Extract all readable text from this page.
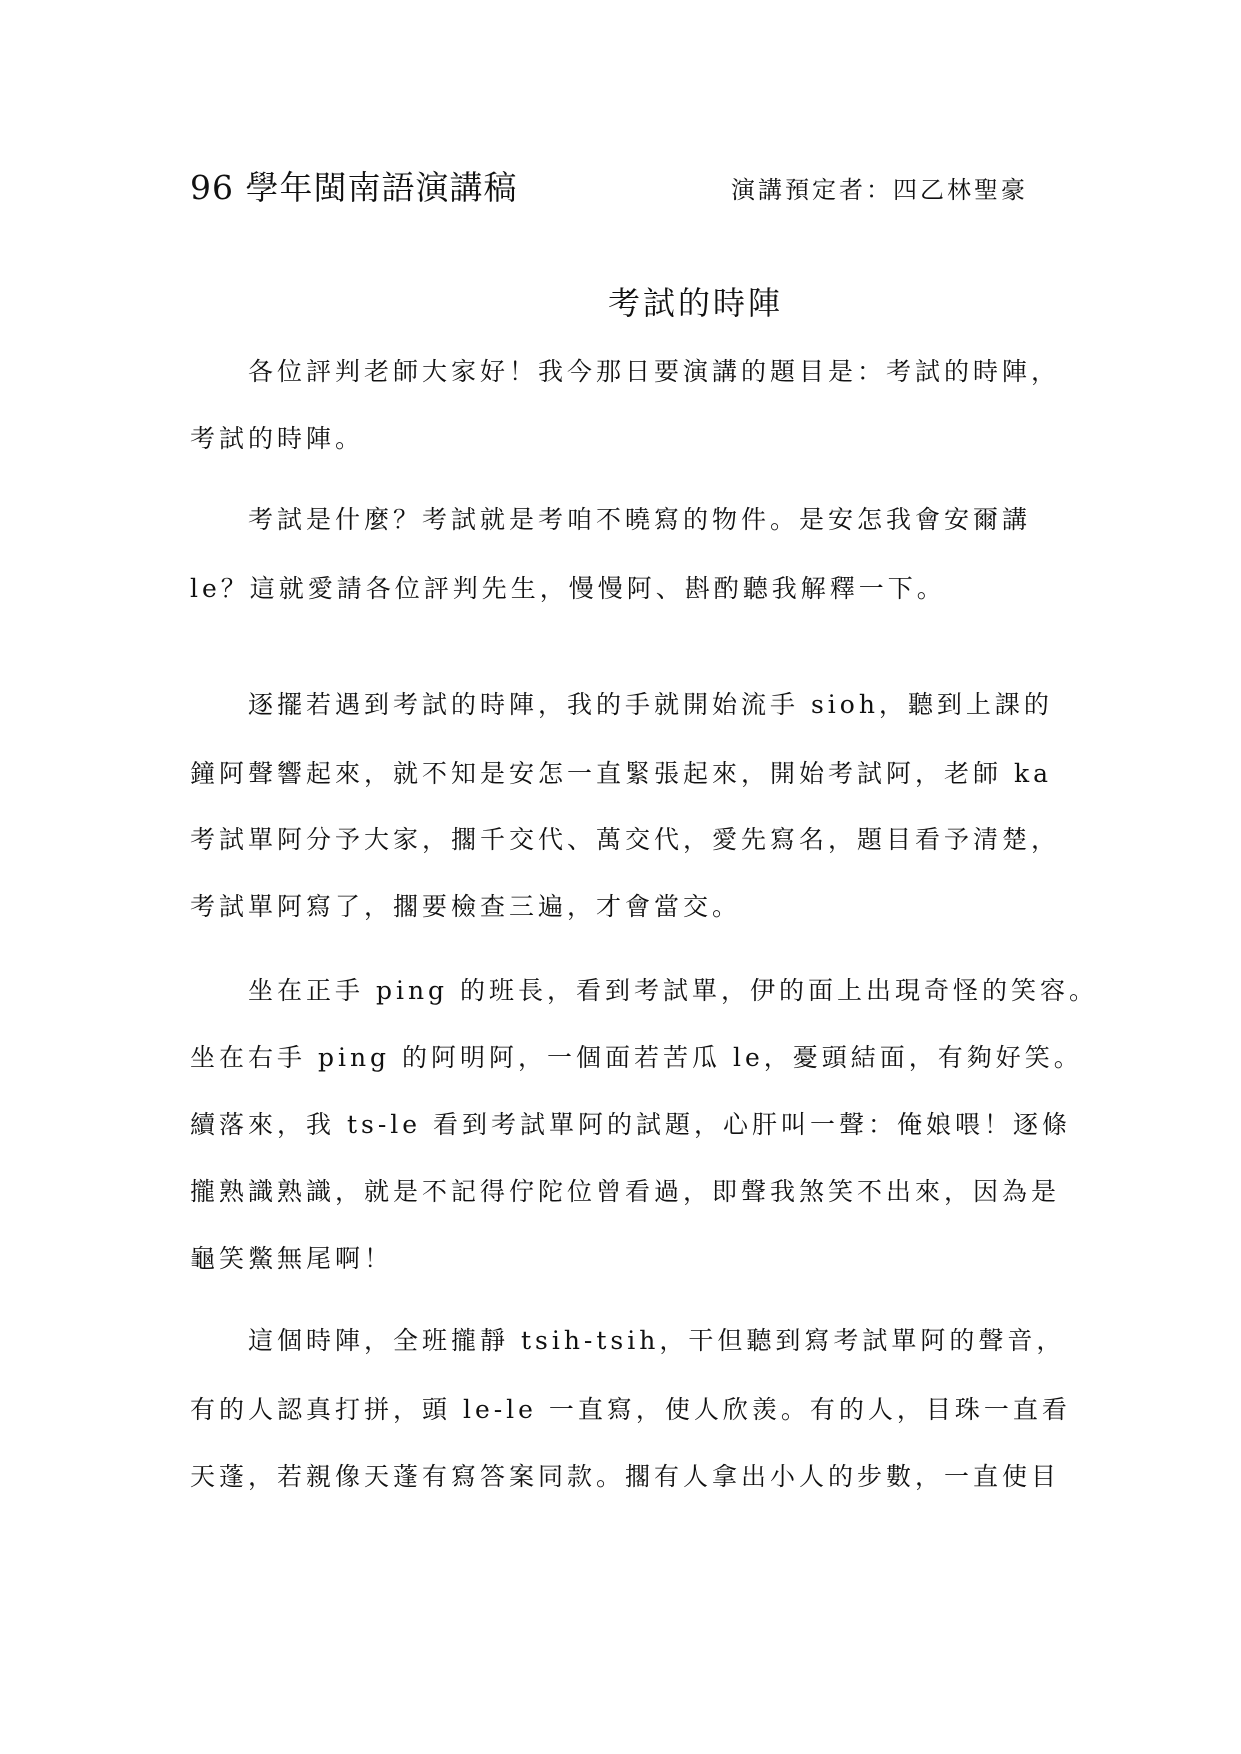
96 學年閩南語演講稿	演講預定者：四乙林聖豪
考試的時陣
各位評判老師大家好！我今那日要演講的題目是：考試的時陣，
考試的時陣。
考試是什麼？考試就是考咱不曉寫的物件。是安怎我會安爾講
le？這就愛請各位評判先生，慢慢阿、斟酌聽我解釋一下。
逐擺若遇到考試的時陣，我的手就開始流手 sioh，聽到上課的
鐘阿聲響起來，就不知是安怎一直緊張起來，開始考試阿，老師 ka
考試單阿分予大家，擱千交代、萬交代，愛先寫名，題目看予清楚，
考試單阿寫了，擱要檢查三遍，才會當交。
坐在正手 ping 的班長，看到考試單，伊的面上出現奇怪的笑容。
坐在右手 ping 的阿明阿，一個面若苦瓜 le，憂頭結面，有夠好笑。
續落來，我 ts-le 看到考試單阿的試題，心肝叫一聲：俺娘喂！逐條
攏熟識熟識，就是不記得佇陀位曾看過，即聲我煞笑不出來，因為是
龜笑鱉無尾啊！
這個時陣，全班攏靜 tsih-tsih，干但聽到寫考試單阿的聲音，
有的人認真打拼，頭 le-le 一直寫，使人欣羡。有的人，目珠一直看
天蓬，若親像天蓬有寫答案同款。擱有人拿出小人的步數，一直使目
